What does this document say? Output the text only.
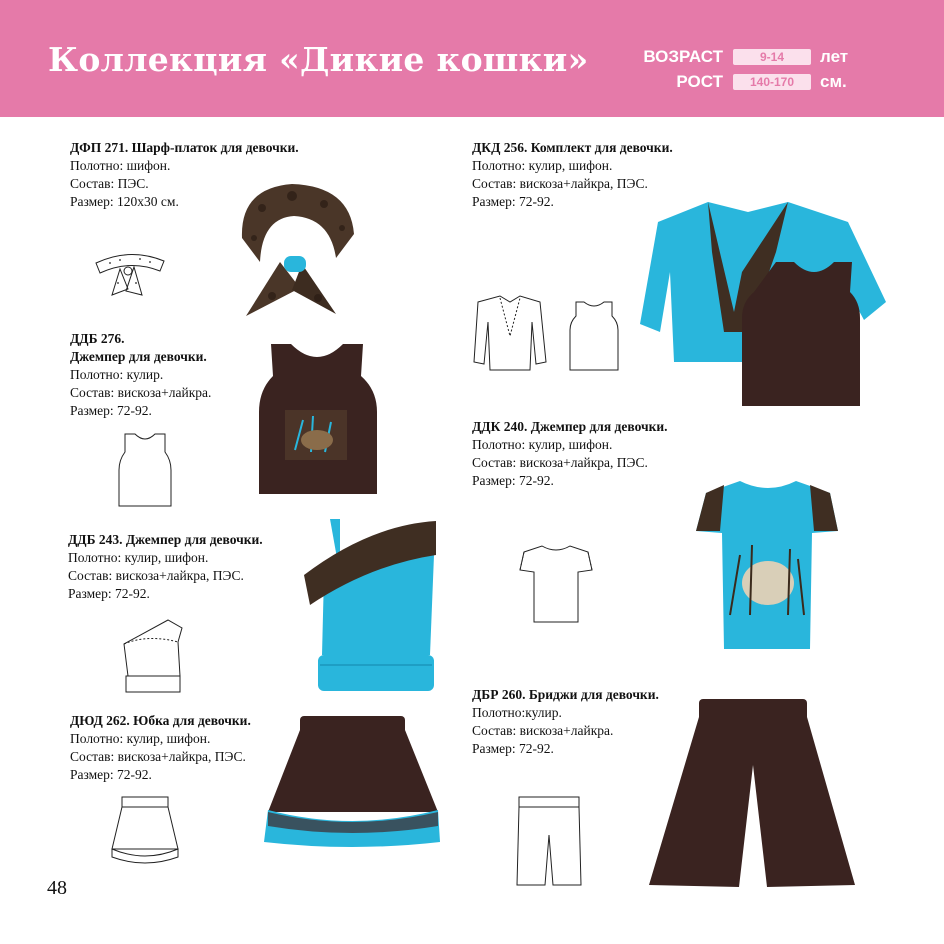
Коллекция «Дикие кошки»	ВОЗРАСТ	9-14	лет
РОСТ	140-170	см.
ДФП 271. Шарф-платок для девочки.
Полотно: шифон.
Состав: ПЭС.
Размер: 120х30 см.
ДДБ 276.
Джемпер для девочки.
Полотно: кулир.
Состав: вискоза+лайкра.
Размер: 72-92.
ДДБ 243. Джемпер для девочки.
Полотно: кулир, шифон.
Состав: вискоза+лайкра, ПЭС.
Размер: 72-92.
ДЮД 262. Юбка для девочки.
Полотно: кулир, шифон.
Состав: вискоза+лайкра, ПЭС.
Размер: 72-92.
ДКД 256. Комплект для девочки.
Полотно: кулир, шифон.
Состав: вискоза+лайкра, ПЭС.
Размер: 72-92.
ДДК 240. Джемпер для девочки.
Полотно: кулир, шифон.
Состав: вискоза+лайкра, ПЭС.
Размер: 72-92.
ДБР 260. Бриджи для девочки.
Полотно:кулир.
Состав: вискоза+лайкра.
Размер: 72-92.
48
